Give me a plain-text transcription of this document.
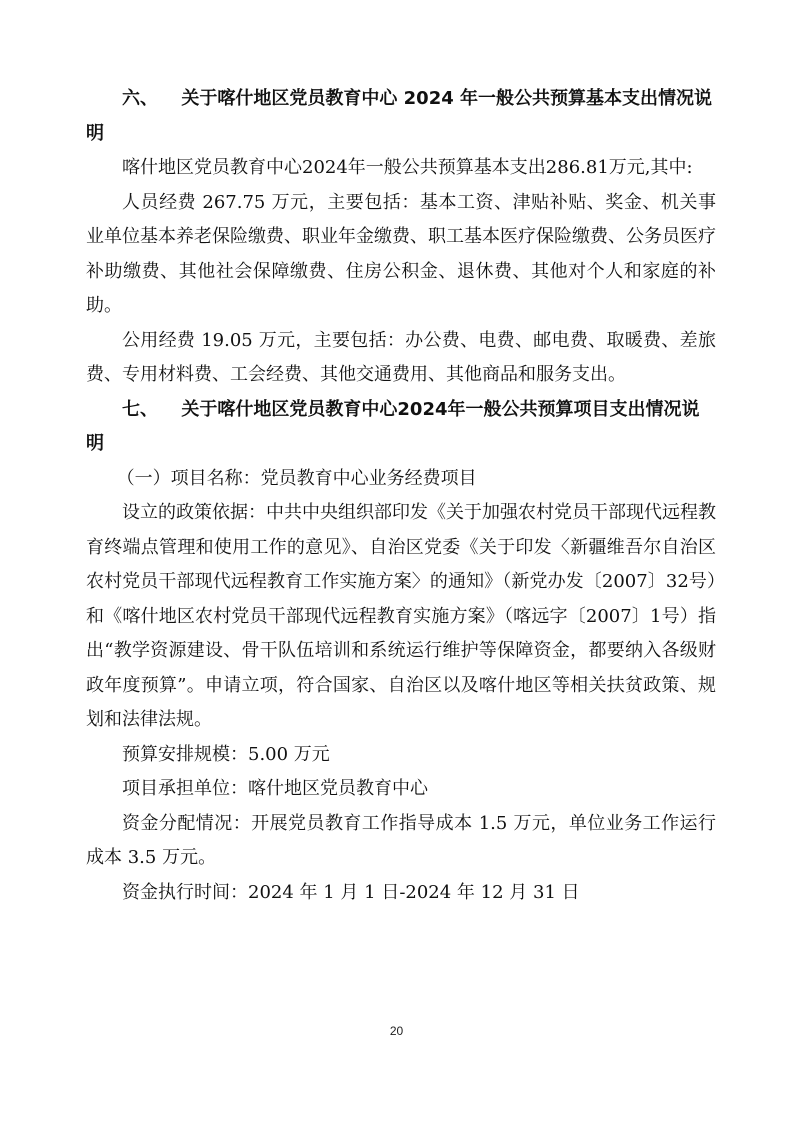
六、 关于喀什地区党员教育中心 2024 年一般公共预算基本支出情况说

明

喀什地区党员教育中心2024年一般公共预算基本支出286.81万元,其中:

人员经费 267.75 万元，主要包括：基本工资、津贴补贴、奖金、机关事业单位基本养老保险缴费、职业年金缴费、职工基本医疗保险缴费、公务员医疗补助缴费、其他社会保障缴费、住房公积金、退休费、其他对个人和家庭的补助。

公用经费 19.05 万元，主要包括：办公费、电费、邮电费、取暖费、差旅费、专用材料费、工会经费、其他交通费用、其他商品和服务支出。

七、 关于喀什地区党员教育中心2024年一般公共预算项目支出情况说

明

（一）项目名称：党员教育中心业务经费项目

设立的政策依据：中共中央组织部印发《关于加强农村党员干部现代远程教育终端点管理和使用工作的意见》、自治区党委《关于印发〈新疆维吾尔自治区农村党员干部现代远程教育工作实施方案〉的通知》（新党办发〔2007〕32号）和《喀什地区农村党员干部现代远程教育实施方案》（喀远字〔2007〕1号）指出“教学资源建设、骨干队伍培训和系统运行维护等保障资金，都要纳入各级财政年度预算”。申请立项，符合国家、自治区以及喀什地区等相关扶贫政策、规划和法律法规。

预算安排规模：5.00 万元

项目承担单位：喀什地区党员教育中心

资金分配情况：开展党员教育工作指导成本 1.5 万元，单位业务工作运行成本 3.5 万元。

资金执行时间：2024 年 1 月 1 日-2024 年 12 月 31 日

20
